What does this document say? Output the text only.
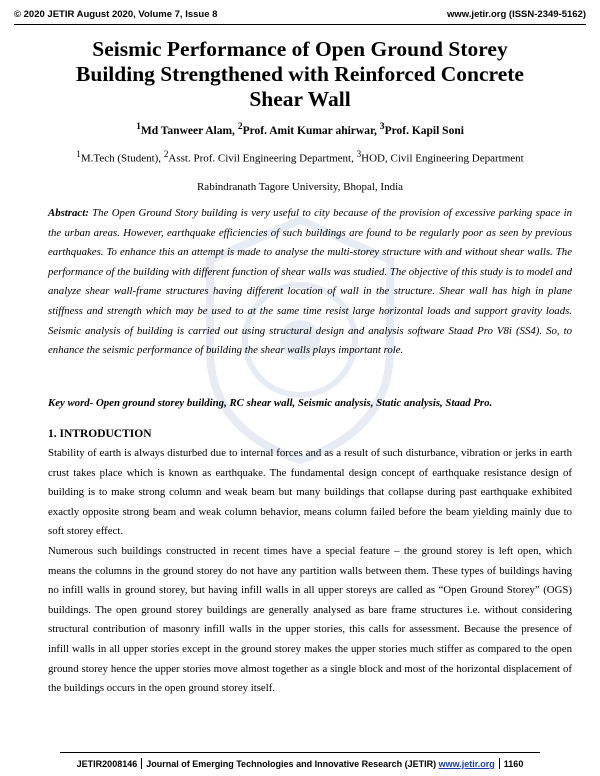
© 2020 JETIR August 2020, Volume 7, Issue 8	www.jetir.org (ISSN-2349-5162)
Seismic Performance of Open Ground Storey
Building Strengthened with Reinforced Concrete
Shear Wall
$^1$Md Tanweer Alam, $^2$Prof. Amit Kumar ahirwar, $^3$Prof. Kapil Soni
$^1$M.Tech (Student), $^2$Asst. Prof. Civil Engineering Department, $^3$HOD, Civil Engineering Department
Rabindranath Tagore University, Bhopal, India
Abstract: The Open Ground Story building is very useful to city because of the provision of excessive parking space in the urban areas. However, earthquake efficiencies of such buildings are found to be regularly poor as seen by previous earthquakes. To enhance this an attempt is made to analyse the multi-storey structure with and without shear walls. The performance of the building with different function of shear walls was studied. The objective of this study is to model and analyze shear wall-frame structures having different location of wall in the structure. Shear wall has high in plane stiffness and strength which may be used to at the same time resist large horizontal loads and support gravity loads. Seismic analysis of building is carried out using structural design and analysis software Staad Pro V8i (SS4). So, to enhance the seismic performance of building the shear walls plays important role.
Key word- Open ground storey building, RC shear wall, Seismic analysis, Static analysis, Staad Pro.
1. INTRODUCTION

Stability of earth is always disturbed due to internal forces and as a result of such disturbance, vibration or jerks in earth crust takes place which is known as earthquake. The fundamental design concept of earthquake resistance design of building is to make strong column and weak beam but many buildings that collapse during past earthquake exhibited exactly opposite strong beam and weak column behavior, means column failed before the beam yielding mainly due to soft storey effect.

Numerous such buildings constructed in recent times have a special feature – the ground storey is left open, which means the columns in the ground storey do not have any partition walls between them. These types of buildings having no infill walls in ground storey, but having infill walls in all upper storeys are called as “Open Ground Storey” (OGS) buildings. The open ground storey buildings are generally analysed as bare frame structures i.e. without considering structural contribution of masonry infill walls in the upper stories, this calls for assessment. Because the presence of infill walls in all upper stories except in the ground storey makes the upper stories much stiffer as compared to the open ground storey hence the upper stories move almost together as a single block and most of the horizontal displacement of the buildings occurs in the open ground storey itself.

JETIR2008146 Journal of Emerging Technologies and Innovative Research (JETIR) www.jetir.org 1160
